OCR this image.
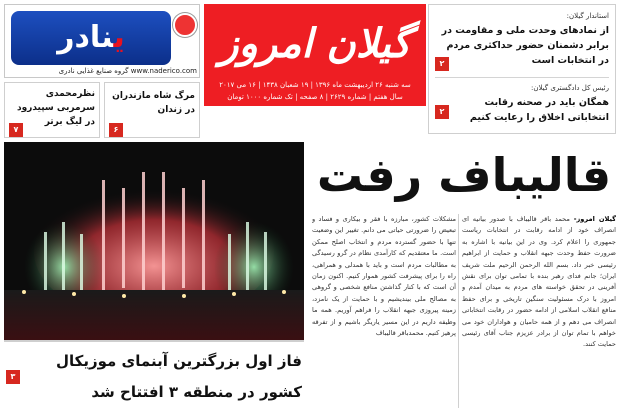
ینادر
www.naderico.com گروه صنایع غذایی نادری
گیلان امروز
سه شنبه ۲۶ اردیبهشت ماه ۱۳۹۶ | ۱۹ شعبان ۱۴۳۸ | ۱۶ می ۲۰۱۷
سال هفتم | شماره ۲۶۲۹ | ۸ صفحه | تک شماره ۱۰۰۰ تومان
استاندار گیلان:
از نمادهای وحدت ملی و مقاومت در برابر دشمنان حضور حداکثری مردم در انتخابات است
۲
رئیس کل دادگستری گیلان:
همگان باید در صحنه رقابت انتخاباتی اخلاق را رعایت کنیم
۲
نظرمحمدی سرمربی سپیدرود در لیگ برتر
۷
مرگ شاه مازندران در زندان
۶
قالیباف رفت
فاز اول بزرگترین آبنمای موزیکال کشور در منطقه ۳ افتتاح شد
۳
گیلان امروز- محمد باقر قالیباف با صدور بیانیه ای انصراف خود از ادامه رقابت در انتخابات ریاست جمهوری را اعلام کرد. وی در این بیانیه با اشاره به ضرورت حفظ وحدت جبهه انقلاب و حمایت از ابراهیم رئیسی خبر داد. بسم الله الرحمن الرحیم ملت شریف ایران؛ جانم فدای رهبر بنده با تمامی توان برای نقش آفرینی در تحقق خواسته های مردم به میدان آمدم و امروز با درک مسئولیت سنگین تاریخی و برای حفظ منافع انقلاب اسلامی از ادامه حضور در رقابت انتخاباتی انصراف می دهم و از همه حامیان و هواداران خود می خواهم با تمام توان از برادر عزیزم جناب آقای رئیسی حمایت کنند.
مشکلات کشور، مبارزه با فقر و بیکاری و فساد و تبعیض را ضرورتی حیاتی می دانم. تغییر این وضعیت تنها با حضور گسترده مردم و انتخاب اصلح ممکن است. ما معتقدیم که کارآمدی نظام در گرو رسیدگی به مطالبات مردم است و باید با همدلی و همراهی، راه را برای پیشرفت کشور هموار کنیم. اکنون زمان آن است که با کنار گذاشتن منافع شخصی و گروهی به مصالح ملی بیندیشیم و با حمایت از یک نامزد، زمینه پیروزی جبهه انقلاب را فراهم آوریم. همه ما وظیفه داریم در این مسیر یاریگر باشیم و از تفرقه پرهیز کنیم. محمدباقر قالیباف
